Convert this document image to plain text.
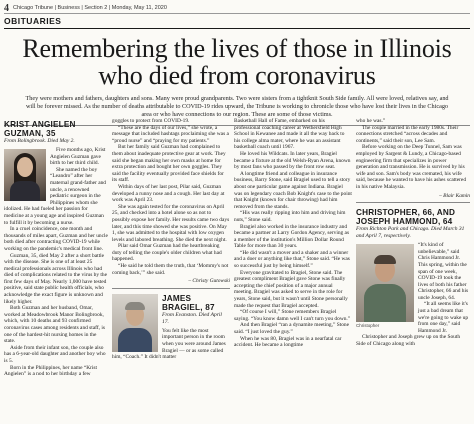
4 Chicago Tribune | Business | Section 2 | Monday, May 11, 2020
OBITUARIES
Remembering the lives of those in Illinois who died from coronavirus

They were mothers and fathers, daughters and sons. Many were proud grandparents. Two were sisters from a tightknit South Side family. All were loved, relatives say, and will be forever missed. As the number of deaths attributable to COVID-19 rides upward, the Tribune is working to chronicle those who have lost their lives in the Chicago area or who have connections to our region. These are some of those victims.

KRIST ANGIELEN GUZMAN, 35
From Bolingbrook. Died May 2.

Five months ago, Krist Angielen Guzman gave birth to her third child.

She named the boy “Leandro” after her maternal grand-father and uncle, a renowned pediatric surgeon in the Philippines whom she idolized. He had fueled her passion for medicine at a young age and inspired Guzman to fulfill it by becoming a nurse.

In a cruel coincidence, one month and thousands of miles apart, Guzman and her uncle both died after contracting COVID-19 while working on the pandemic's medical front line.

Guzman, 35, died May 2 after a short battle with the disease. She is one of at least 25 medical professionals across Illinois who had died of complications related to the virus by the first few days of May. Nearly 1,000 have tested positive, said state public health officials, who acknowledge the exact figure is unknown and likely higher.

Both Guzman and her husband, Omar, worked at Meadowbrook Manor Bolingbrook, which, with 10 deaths and 93 confirmed coronavirus cases among residents and staff, is one of the hardest-hit nursing homes in the state.

Aside from their infant son, the couple also has a 6-year-old daughter and another boy who is 5.

Born in the Philippines, her name “Krist Angielen” is a nod to her birthday a few

goggles to protect from COVID-19.

“These are the days of our lives,” she wrote, a message that included hashtags proclaiming she was a “proud nurse” and “praying for my patients.”

But her family said Guzman had complained to them about inadequate protective gear at work. They said she began making her own masks at home for extra protection and bought her own goggles. They said the facility eventually provided face shields for its staff.

Within days of her last post, Pilar said, Guzman developed a runny nose and a cough. Her last day at work was April 23.

She was again tested for the coronavirus on April 25, and checked into a hotel alone so as not to possibly expose her family. Her results came two days later, and this time showed she was positive. On May 1, she was admitted to the hospital with low oxygen levels and labored breathing. She died the next night.

Pilar said Omar Guzman had the heartbreaking duty of telling the couple's older children what had happened.

“He said he told them the truth, that ‘Mommy's not coming back,’” she said.

– Christy Gutowski
JAMES BRAGIEL, 87
From Evanston. Died April 17.

You felt like the most important person in the room when you were around James Bragiel — or as some called him, “Coach.” It didn't matter

Basketball Hall of Fame, embarked on his professional coaching career at Wethersfield High School in Kewanee and made it all the way back to his college alma mater, where he was an assistant basketball coach until 1967.

He loved his Wildcats. In later years, Bragiel became a fixture at the old Welsh-Ryan Arena, known by most fans who passed by the front row seat.

A longtime friend and colleague in insurance business, Barry Stone, said Bragiel used to tell a story about one particular game against Indiana. Bragiel was on legendary coach Bob Knight's case to the point that Knight (known for chair throwing) had him removed from the stands.

“His was really ripping into him and driving him nuts,” Stone said.

Bragiel also worked in the insurance industry and became a partner at Larry Gordon Agency, serving as a member of the institution's Million Dollar Round Table for more than 30 years.

“He did wasn't a mover and a shaker and a winner and a doer or anything like that,” Stone said. “He was so successful just by being himself.”

Everyone gravitated to Bragiel, Stone said. The greatest compliment Bragiel gave Stone was finally accepting the chief position of a major annual meeting. Bragiel was asked to serve in the role for years, Stone said, but it wasn't until Stone personally made the request that Bragiel accepted.

“Of course I will,” Stone remembers Bragiel saying. “You know damn well I can't turn you down.”

And then Bragiel “ran a dynamite meeting,” Stone said. “I just loved the guy.”

When he was 80, Bragiel was in a nearfatal car accident. He became a longtime

who he was.”

The couple married in the early 1980s. Their connections stretched “across decades and continents,” said their son, Lee Sam.

Before working on the Deep Tunnel, Sam was employed by Sargent & Lundy, a Chicago-based engineering firm that specializes in power generation and transmission. He is survived by his wife and son. Sam's body was cremated, his wife said, because he wanted to have his ashes scattered in his native Malaysia.

– Blair Kamin
CHRISTOPHER, 66, AND JOSEPH HAMMOND, 64
From Richton Park and Chicago. Died March 31 and April 7, respectively.
Christopher

“It's kind of unbelievable,” said Chris Hammond Jr. This spring, within the span of one week, COVID-19 took the lives of both his father Christopher, 66 and his uncle Joseph, 64.

“It all seems like it's just a bad dream that we're going to wake up from one day,” said Hammond Jr.

Christopher and Joseph grew up on the South Side of Chicago along with
